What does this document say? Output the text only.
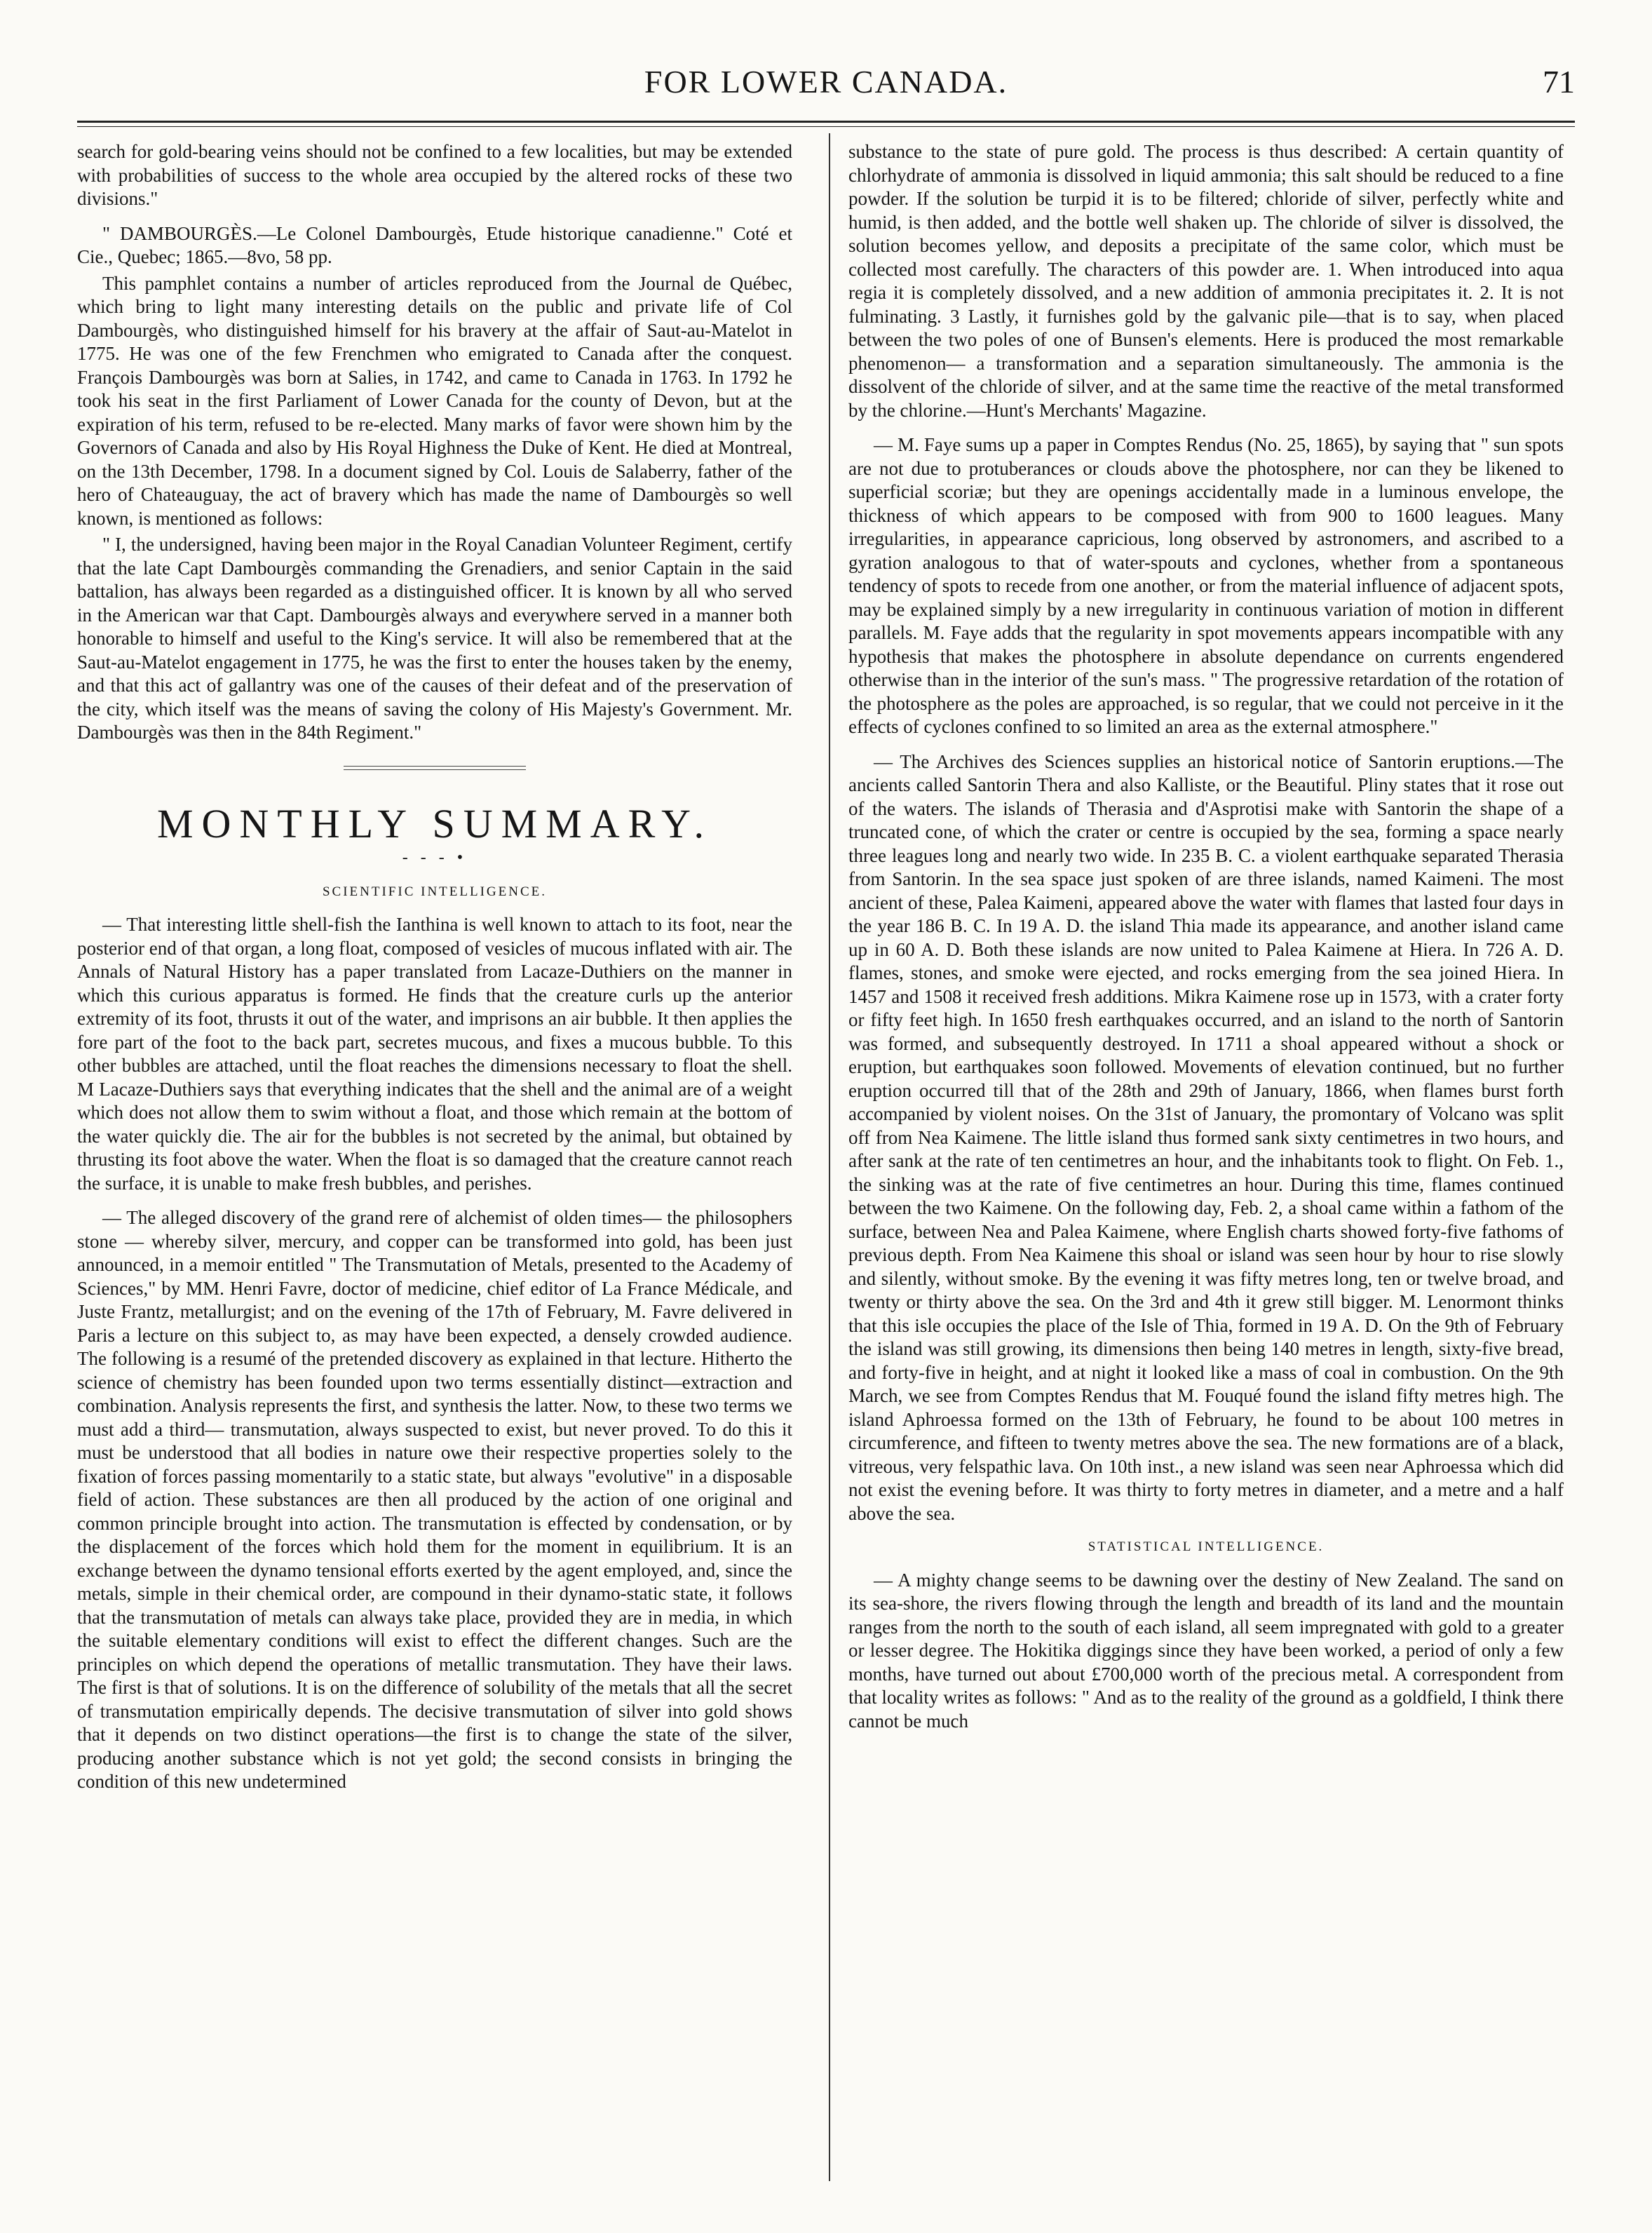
FOR LOWER CANADA.	71

search for gold-bearing veins should not be confined to a few localities, but may be extended with probabilities of success to the whole area occupied by the altered rocks of these two divisions."

" DAMBOURGÈS.—Le Colonel Dambourgès, Etude historique canadienne." Coté et Cie., Quebec; 1865.—8vo, 58 pp.

This pamphlet contains a number of articles reproduced from the Journal de Québec, which bring to light many interesting details on the public and private life of Col Dambourgès, who distinguished himself for his bravery at the affair of Saut-au-Matelot in 1775. He was one of the few Frenchmen who emigrated to Canada after the conquest. François Dambourgès was born at Salies, in 1742, and came to Canada in 1763. In 1792 he took his seat in the first Parliament of Lower Canada for the county of Devon, but at the expiration of his term, refused to be re-elected. Many marks of favor were shown him by the Governors of Canada and also by His Royal Highness the Duke of Kent. He died at Montreal, on the 13th December, 1798. In a document signed by Col. Louis de Salaberry, father of the hero of Chateauguay, the act of bravery which has made the name of Dambourgès so well known, is mentioned as follows:

" I, the undersigned, having been major in the Royal Canadian Volunteer Regiment, certify that the late Capt Dambourgès commanding the Grenadiers, and senior Captain in the said battalion, has always been regarded as a distinguished officer. It is known by all who served in the American war that Capt. Dambourgès always and everywhere served in a manner both honorable to himself and useful to the King's service. It will also be remembered that at the Saut-au-Matelot engagement in 1775, he was the first to enter the houses taken by the enemy, and that this act of gallantry was one of the causes of their defeat and of the preservation of the city, which itself was the means of saving the colony of His Majesty's Government. Mr. Dambourgès was then in the 84th Regiment."

MONTHLY SUMMARY.
- - - •
SCIENTIFIC INTELLIGENCE.

— That interesting little shell-fish the Ianthina is well known to attach to its foot, near the posterior end of that organ, a long float, composed of vesicles of mucous inflated with air. The Annals of Natural History has a paper translated from Lacaze-Duthiers on the manner in which this curious apparatus is formed. He finds that the creature curls up the anterior extremity of its foot, thrusts it out of the water, and imprisons an air bubble. It then applies the fore part of the foot to the back part, secretes mucous, and fixes a mucous bubble. To this other bubbles are attached, until the float reaches the dimensions necessary to float the shell. M Lacaze-Duthiers says that everything indicates that the shell and the animal are of a weight which does not allow them to swim without a float, and those which remain at the bottom of the water quickly die. The air for the bubbles is not secreted by the animal, but obtained by thrusting its foot above the water. When the float is so damaged that the creature cannot reach the surface, it is unable to make fresh bubbles, and perishes.

— The alleged discovery of the grand rere of alchemist of olden times— the philosophers stone — whereby silver, mercury, and copper can be transformed into gold, has been just announced, in a memoir entitled " The Transmutation of Metals, presented to the Academy of Sciences," by MM. Henri Favre, doctor of medicine, chief editor of La France Médicale, and Juste Frantz, metallurgist; and on the evening of the 17th of February, M. Favre delivered in Paris a lecture on this subject to, as may have been expected, a densely crowded audience. The following is a resumé of the pretended discovery as explained in that lecture. Hitherto the science of chemistry has been founded upon two terms essentially distinct—extraction and combination. Analysis represents the first, and synthesis the latter. Now, to these two terms we must add a third— transmutation, always suspected to exist, but never proved. To do this it must be understood that all bodies in nature owe their respective properties solely to the fixation of forces passing momentarily to a static state, but always "evolutive" in a disposable field of action. These substances are then all produced by the action of one original and common principle brought into action. The transmutation is effected by condensation, or by the displacement of the forces which hold them for the moment in equilibrium. It is an exchange between the dynamo tensional efforts exerted by the agent employed, and, since the metals, simple in their chemical order, are compound in their dynamo-static state, it follows that the transmutation of metals can always take place, provided they are in media, in which the suitable elementary conditions will exist to effect the different changes. Such are the principles on which depend the operations of metallic transmutation. They have their laws. The first is that of solutions. It is on the difference of solubility of the metals that all the secret of transmutation empirically depends. The decisive transmutation of silver into gold shows that it depends on two distinct operations—the first is to change the state of the silver, producing another substance which is not yet gold; the second consists in bringing the condition of this new undetermined

substance to the state of pure gold. The process is thus described: A certain quantity of chlorhydrate of ammonia is dissolved in liquid ammonia; this salt should be reduced to a fine powder. If the solution be turpid it is to be filtered; chloride of silver, perfectly white and humid, is then added, and the bottle well shaken up. The chloride of silver is dissolved, the solution becomes yellow, and deposits a precipitate of the same color, which must be collected most carefully. The characters of this powder are. 1. When introduced into aqua regia it is completely dissolved, and a new addition of ammonia precipitates it. 2. It is not fulminating. 3 Lastly, it furnishes gold by the galvanic pile—that is to say, when placed between the two poles of one of Bunsen's elements. Here is produced the most remarkable phenomenon— a transformation and a separation simultaneously. The ammonia is the dissolvent of the chloride of silver, and at the same time the reactive of the metal transformed by the chlorine.—Hunt's Merchants' Magazine.

— M. Faye sums up a paper in Comptes Rendus (No. 25, 1865), by saying that " sun spots are not due to protuberances or clouds above the photosphere, nor can they be likened to superficial scoriæ; but they are openings accidentally made in a luminous envelope, the thickness of which appears to be composed with from 900 to 1600 leagues. Many irregularities, in appearance capricious, long observed by astronomers, and ascribed to a gyration analogous to that of water-spouts and cyclones, whether from a spontaneous tendency of spots to recede from one another, or from the material influence of adjacent spots, may be explained simply by a new irregularity in continuous variation of motion in different parallels. M. Faye adds that the regularity in spot movements appears incompatible with any hypothesis that makes the photosphere in absolute dependance on currents engendered otherwise than in the interior of the sun's mass. " The progressive retardation of the rotation of the photosphere as the poles are approached, is so regular, that we could not perceive in it the effects of cyclones confined to so limited an area as the external atmosphere."

— The Archives des Sciences supplies an historical notice of Santorin eruptions.—The ancients called Santorin Thera and also Kalliste, or the Beautiful. Pliny states that it rose out of the waters. The islands of Therasia and d'Asprotisi make with Santorin the shape of a truncated cone, of which the crater or centre is occupied by the sea, forming a space nearly three leagues long and nearly two wide. In 235 B. C. a violent earthquake separated Therasia from Santorin. In the sea space just spoken of are three islands, named Kaimeni. The most ancient of these, Palea Kaimeni, appeared above the water with flames that lasted four days in the year 186 B. C. In 19 A. D. the island Thia made its appearance, and another island came up in 60 A. D. Both these islands are now united to Palea Kaimene at Hiera. In 726 A. D. flames, stones, and smoke were ejected, and rocks emerging from the sea joined Hiera. In 1457 and 1508 it received fresh additions. Mikra Kaimene rose up in 1573, with a crater forty or fifty feet high. In 1650 fresh earthquakes occurred, and an island to the north of Santorin was formed, and subsequently destroyed. In 1711 a shoal appeared without a shock or eruption, but earthquakes soon followed. Movements of elevation continued, but no further eruption occurred till that of the 28th and 29th of January, 1866, when flames burst forth accompanied by violent noises. On the 31st of January, the promontary of Volcano was split off from Nea Kaimene. The little island thus formed sank sixty centimetres in two hours, and after sank at the rate of ten centimetres an hour, and the inhabitants took to flight. On Feb. 1., the sinking was at the rate of five centimetres an hour. During this time, flames continued between the two Kaimene. On the following day, Feb. 2, a shoal came within a fathom of the surface, between Nea and Palea Kaimene, where English charts showed forty-five fathoms of previous depth. From Nea Kaimene this shoal or island was seen hour by hour to rise slowly and silently, without smoke. By the evening it was fifty metres long, ten or twelve broad, and twenty or thirty above the sea. On the 3rd and 4th it grew still bigger. M. Lenormont thinks that this isle occupies the place of the Isle of Thia, formed in 19 A. D. On the 9th of February the island was still growing, its dimensions then being 140 metres in length, sixty-five bread, and forty-five in height, and at night it looked like a mass of coal in combustion. On the 9th March, we see from Comptes Rendus that M. Fouqué found the island fifty metres high. The island Aphroessa formed on the 13th of February, he found to be about 100 metres in circumference, and fifteen to twenty metres above the sea. The new formations are of a black, vitreous, very felspathic lava. On 10th inst., a new island was seen near Aphroessa which did not exist the evening before. It was thirty to forty metres in diameter, and a metre and a half above the sea.

STATISTICAL INTELLIGENCE.

— A mighty change seems to be dawning over the destiny of New Zealand. The sand on its sea-shore, the rivers flowing through the length and breadth of its land and the mountain ranges from the north to the south of each island, all seem impregnated with gold to a greater or lesser degree. The Hokitika diggings since they have been worked, a period of only a few months, have turned out about £700,000 worth of the precious metal. A correspondent from that locality writes as follows: " And as to the reality of the ground as a goldfield, I think there cannot be much
